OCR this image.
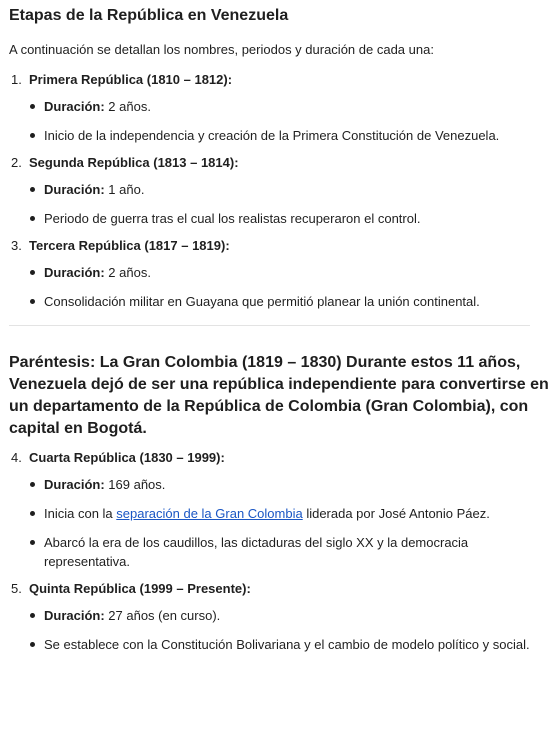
Etapas de la República en Venezuela

A continuación se detallan los nombres, periodos y duración de cada una:

1. Primera República (1810 – 1812):
Duración: 2 años.
Inicio de la independencia y creación de la Primera Constitución de Venezuela.
2. Segunda República (1813 – 1814):
Duración: 1 año.
Periodo de guerra tras el cual los realistas recuperaron el control.
3. Tercera República (1817 – 1819):
Duración: 2 años.
Consolidación militar en Guayana que permitió planear la unión continental.
Paréntesis: La Gran Colombia (1819 – 1830) Durante estos 11 años, Venezuela dejó de ser una república independiente para convertirse en un departamento de la República de Colombia (Gran Colombia), con capital en Bogotá.
4. Cuarta República (1830 – 1999):
Duración: 169 años.
Inicia con la separación de la Gran Colombia liderada por José Antonio Páez.
Abarcó la era de los caudillos, las dictaduras del siglo XX y la democracia representativa.
5. Quinta República (1999 – Presente):
Duración: 27 años (en curso).
Se establece con la Constitución Bolivariana y el cambio de modelo político y social.
